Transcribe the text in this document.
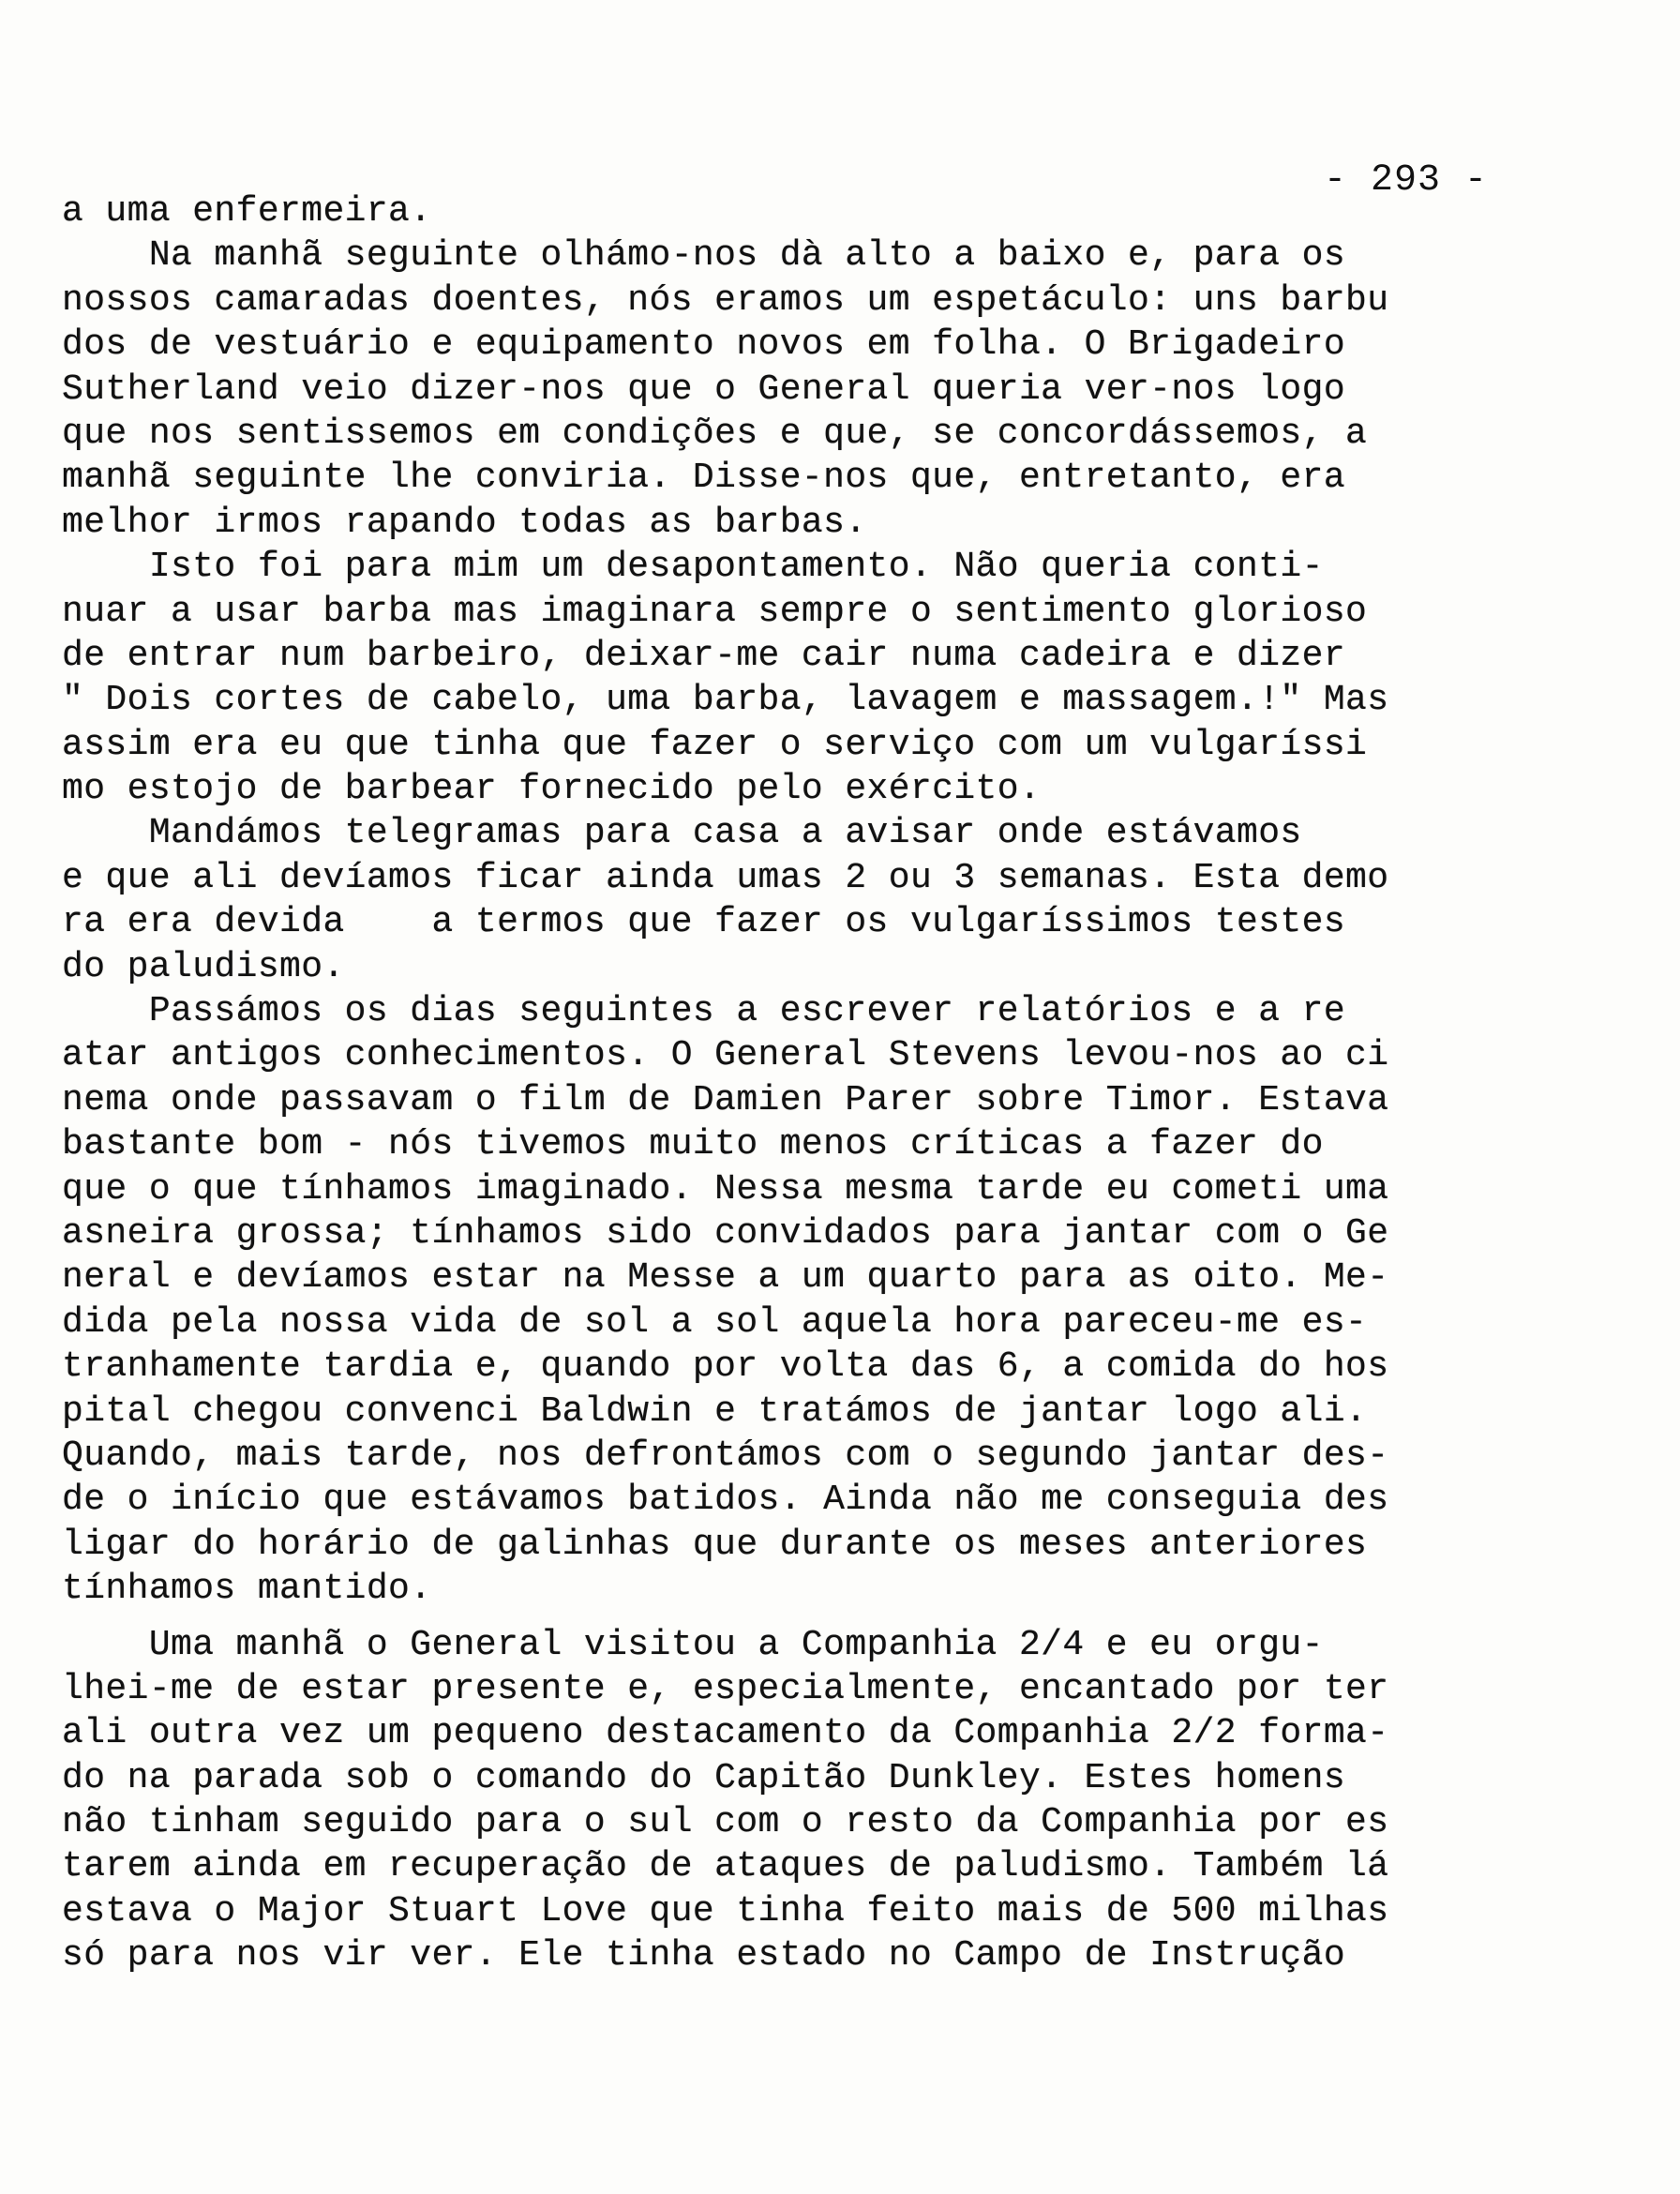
- 293 -
a uma enfermeira.
Na manhã seguinte olhámo-nos dà alto a baixo e, para os
nossos camaradas doentes, nós eramos um espetáculo: uns barbu
dos de vestuário e equipamento novos em folha. O Brigadeiro
Sutherland veio dizer-nos que o General queria ver-nos logo
que nos sentissemos em condições e que, se concordássemos, a
manhã seguinte lhe conviria. Disse-nos que, entretanto, era
melhor irmos rapando todas as barbas.
Isto foi para mim um desapontamento. Não queria conti-
nuar a usar barba mas imaginara sempre o sentimento glorioso
de entrar num barbeiro, deixar-me cair numa cadeira e dizer
" Dois cortes de cabelo, uma barba, lavagem e massagem.!" Mas
assim era eu que tinha que fazer o serviço com um vulgaríssi
mo estojo de barbear fornecido pelo exército.
Mandámos telegramas para casa a avisar onde estávamos
e que ali devíamos ficar ainda umas 2 ou 3 semanas. Esta demo
ra era devida    a termos que fazer os vulgaríssimos testes
do paludismo.
Passámos os dias seguintes a escrever relatórios e a re
atar antigos conhecimentos. O General Stevens levou-nos ao ci
nema onde passavam o film de Damien Parer sobre Timor. Estava
bastante bom - nós tivemos muito menos críticas a fazer do
que o que tínhamos imaginado. Nessa mesma tarde eu cometi uma
asneira grossa; tínhamos sido convidados para jantar com o Ge
neral e devíamos estar na Messe a um quarto para as oito. Me-
dida pela nossa vida de sol a sol aquela hora pareceu-me es-
tranhamente tardia e, quando por volta das 6, a comida do hos
pital chegou convenci Baldwin e tratámos de jantar logo ali.
Quando, mais tarde, nos defrontámos com o segundo jantar des-
de o início que estávamos batidos. Ainda não me conseguia des
ligar do horário de galinhas que durante os meses anteriores
tínhamos mantido.
Uma manhã o General visitou a Companhia 2/4 e eu orgu-
lhei-me de estar presente e, especialmente, encantado por ter
ali outra vez um pequeno destacamento da Companhia 2/2 forma-
do na parada sob o comando do Capitão Dunkley. Estes homens
não tinham seguido para o sul com o resto da Companhia por es
tarem ainda em recuperação de ataques de paludismo. Também lá
estava o Major Stuart Love que tinha feito mais de 500 milhas
só para nos vir ver. Ele tinha estado no Campo de Instrução
